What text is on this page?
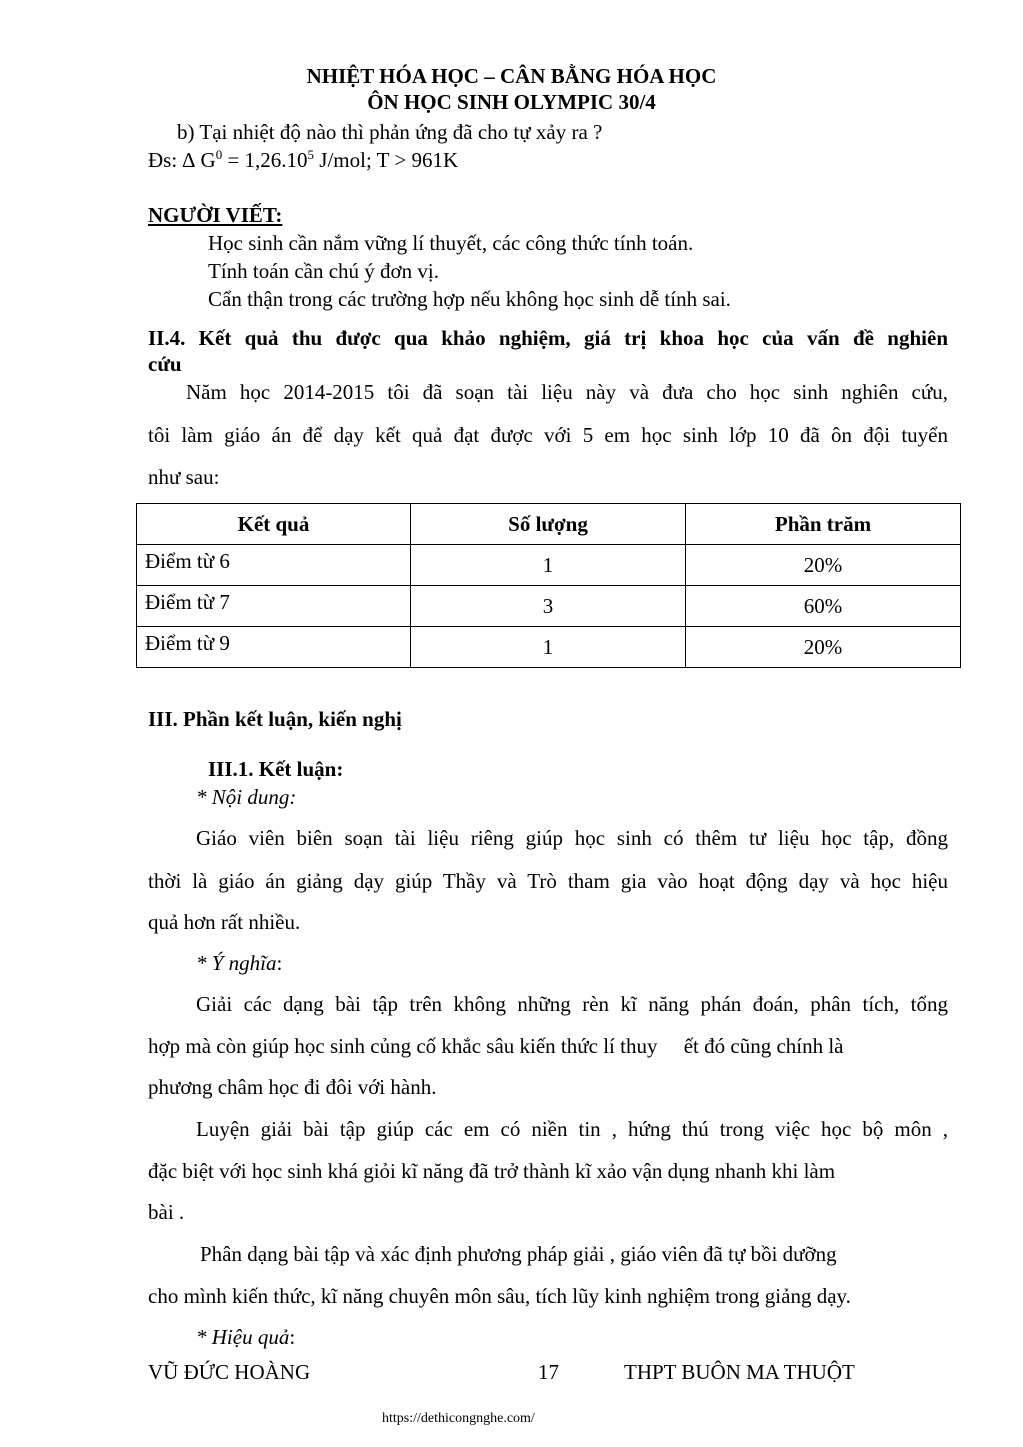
NHIỆT HÓA HỌC – CÂN BẰNG HÓA HỌC
ÔN HỌC SINH OLYMPIC 30/4
b) Tại nhiệt độ nào thì phản ứng đã cho tự xảy ra ?
Đs: ∆ $G^0 = 1,26.10^5$ J/mol; T > 961K
NGƯỜI VIẾT:
Học sinh cần nắm vững lí thuyết, các công thức tính toán.
Tính toán cần chú ý đơn vị.
Cẩn thận trong các trường hợp nếu không học sinh dễ tính sai.
II.4. Kết quả thu được qua khảo nghiệm, giá trị khoa học của vấn đề nghiên
cứu
Năm học 2014-2015 tôi đã soạn tài liệu này và đưa cho học sinh nghiên cứu,
tôi làm giáo án để dạy kết quả đạt được với 5 em học sinh lớp 10 đã ôn đội tuyển
như sau:
Kết quả	Số lượng	Phần trăm
Điểm từ 6	1	20%
Điểm từ 7	3	60%
Điểm từ 9	1	20%
III. Phần kết luận, kiến nghị
III.1. Kết luận:
* Nội dung:
Giáo viên biên soạn tài liệu riêng giúp học sinh có thêm tư liệu học tập, đồng
thời là giáo án giảng dạy giúp Thầy và Trò tham gia vào hoạt động dạy và học hiệu
quả hơn rất nhiều.
* Ý nghĩa:
Giải các dạng bài tập trên không những rèn kĩ năng phán đoán, phân tích, tổng
hợp mà còn giúp học sinh củng cố khắc sâu kiến thức lí thuy     ết đó cũng chính là
phương châm học đi đôi với hành.
Luyện giải bài tập giúp các em có niền tin , hứng thú trong việc học bộ môn ,
đặc biệt với học sinh khá giỏi kĩ năng đã trở thành kĩ xảo vận dụng nhanh khi làm
bài .
Phân dạng bài tập và xác định phương pháp giải , giáo viên đã tự bồi dưỡng
cho mình kiến thức, kĩ năng chuyên môn sâu, tích lũy kinh nghiệm trong giảng dạy.
* Hiệu quả:
VŨ ĐỨC HOÀNG	17	THPT BUÔN MA THUỘT
https://dethicongnghe.com/
